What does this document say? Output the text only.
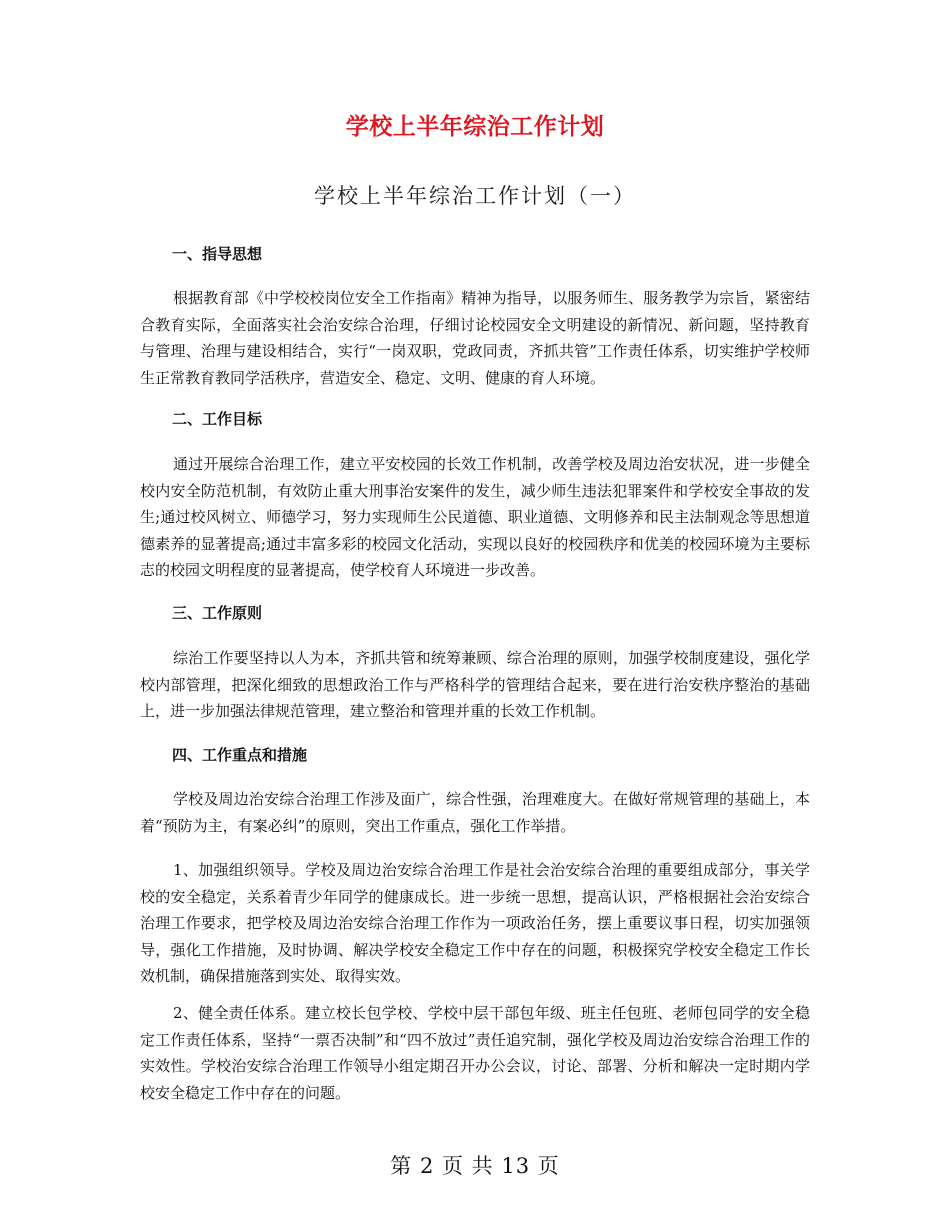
学校上半年综治工作计划
学校上半年综治工作计划（一）
一、指导思想
根据教育部《中学校校岗位安全工作指南》精神为指导，以服务师生、服务教学为宗旨，紧密结合教育实际，全面落实社会治安综合治理，仔细讨论校园安全文明建设的新情况、新问题，坚持教育与管理、治理与建设相结合，实行“一岗双职，党政同责，齐抓共管”工作责任体系，切实维护学校师生正常教育教同学活秩序，营造安全、稳定、文明、健康的育人环境。
二、工作目标
通过开展综合治理工作，建立平安校园的长效工作机制，改善学校及周边治安状况，进一步健全校内安全防范机制，有效防止重大刑事治安案件的发生，减少师生违法犯罪案件和学校安全事故的发生;通过校风树立、师德学习，努力实现师生公民道德、职业道德、文明修养和民主法制观念等思想道德素养的显著提高;通过丰富多彩的校园文化活动，实现以良好的校园秩序和优美的校园环境为主要标志的校园文明程度的显著提高，使学校育人环境进一步改善。
三、工作原则
综治工作要坚持以人为本，齐抓共管和统筹兼顾、综合治理的原则，加强学校制度建设，强化学校内部管理，把深化细致的思想政治工作与严格科学的管理结合起来，要在进行治安秩序整治的基础上，进一步加强法律规范管理，建立整治和管理并重的长效工作机制。
四、工作重点和措施
学校及周边治安综合治理工作涉及面广，综合性强，治理难度大。在做好常规管理的基础上，本着“预防为主，有案必纠”的原则，突出工作重点，强化工作举措。
1、加强组织领导。学校及周边治安综合治理工作是社会治安综合治理的重要组成部分，事关学校的安全稳定，关系着青少年同学的健康成长。进一步统一思想，提高认识，严格根据社会治安综合治理工作要求，把学校及周边治安综合治理工作作为一项政治任务，摆上重要议事日程，切实加强领导，强化工作措施，及时协调、解决学校安全稳定工作中存在的问题，积极探究学校安全稳定工作长效机制，确保措施落到实处、取得实效。
2、健全责任体系。建立校长包学校、学校中层干部包年级、班主任包班、老师包同学的安全稳定工作责任体系，坚持“一票否决制”和“四不放过”责任追究制，强化学校及周边治安综合治理工作的实效性。学校治安综合治理工作领导小组定期召开办公会议，讨论、部署、分析和解决一定时期内学校安全稳定工作中存在的问题。
第 2 页 共 13 页
